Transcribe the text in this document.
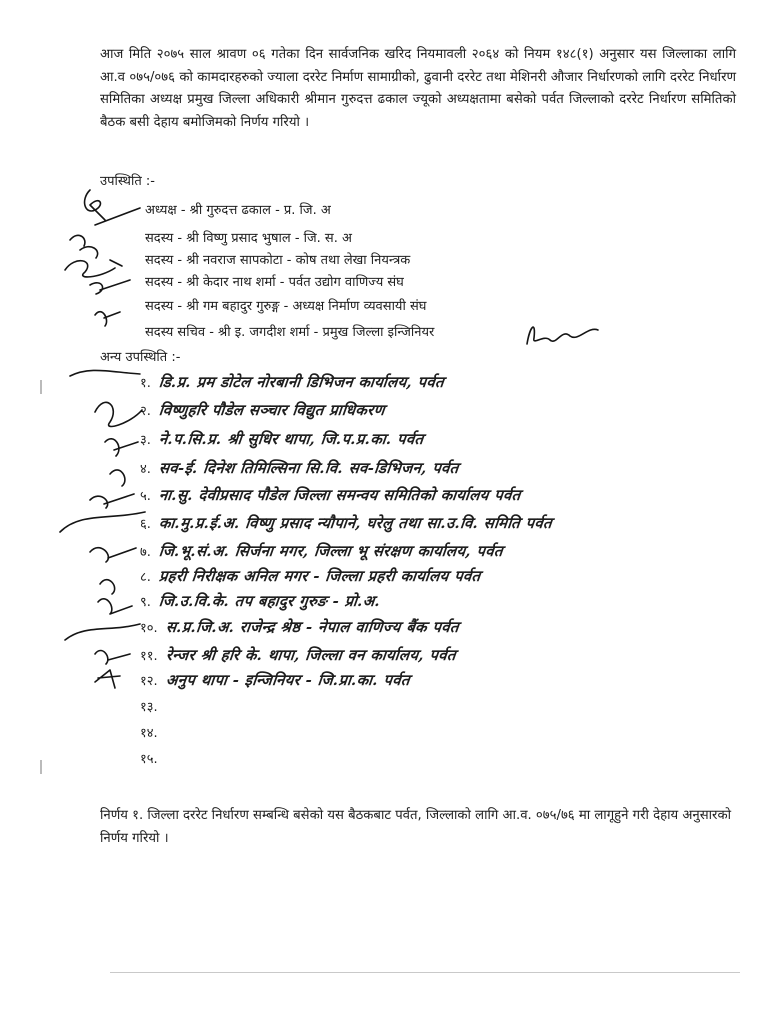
आज मिति २०७५ साल श्रावण ०६ गतेका दिन सार्वजनिक खरिद नियमावली २०६४ को नियम १४८(१) अनुसार यस जिल्लाका लागि आ.व ०७५/०७६ को कामदारहरुको ज्याला दररेट निर्माण सामाग्रीको, ढुवानी दररेट तथा मेशिनरी औजार निर्धारणको लागि दररेट निर्धारण समितिका अध्यक्ष प्रमुख जिल्ला अधिकारी श्रीमान गुरुदत्त ढकाल ज्यूको अध्यक्षतामा बसेको पर्वत जिल्लाको दररेट निर्धारण समितिको बैठक बसी देहाय बमोजिमको निर्णय गरियो ।

उपस्थिति :-
अध्यक्ष - श्री गुरुदत्त ढकाल - प्र. जि. अ
सदस्य - श्री विष्णु प्रसाद भुषाल - जि. स. अ
सदस्य - श्री नवराज सापकोटा - कोष तथा लेखा नियन्त्रक
सदस्य - श्री केदार नाथ शर्मा - पर्वत उद्योग वाणिज्य संघ
सदस्य - श्री गम बहादुर गुरुङ्ग - अध्यक्ष निर्माण व्यवसायी संघ
सदस्य सचिव - श्री इ. जगदीश शर्मा - प्रमुख जिल्ला इन्जिनियर
अन्य उपस्थिति :-
१. डि.प्र. प्रम डोटेल नोरबानी डिभिजन कार्यालय, पर्वत
२. विष्णुहरि पौडेल सञ्चार विद्युत प्राधिकरण
३. ने.प.सि.प्र. श्री सुधिर थापा, जि.प.प्र.का. पर्वत
४. सव-ई. दिनेश तिमिल्सिना सि.वि. सव-डिभिजन, पर्वत
५. ना.सु. देवीप्रसाद पौडेल जिल्ला समन्वय समितिको कार्यालय पर्वत
६. का.मु.प्र.ई.अ. विष्णु प्रसाद न्यौपाने, घरेलु तथा सा.उ.वि. समिति पर्वत
७. जि.भू.सं.अ. सिर्जना मगर, जिल्ला भू संरक्षण कार्यालय, पर्वत
८. प्रहरी निरीक्षक अनिल मगर - जिल्ला प्रहरी कार्यालय पर्वत
९. जि.उ.वि.के. तप बहादुर गुरुङ - प्रो.अ.
१०. स.प्र.जि.अ. राजेन्द्र श्रेष्ठ - नेपाल वाणिज्य बैंक पर्वत
११. रेन्जर श्री हरि के. थापा, जिल्ला वन कार्यालय, पर्वत
१२. अनुप थापा - इन्जिनियर - जि.प्रा.का. पर्वत
१३.
१४.
१५.

निर्णय १. जिल्ला दररेट निर्धारण सम्बन्धि बसेको यस बैठकबाट पर्वत, जिल्लाको लागि आ.व. ०७५/७६ मा लागूहुने गरी देहाय अनुसारको निर्णय गरियो ।
